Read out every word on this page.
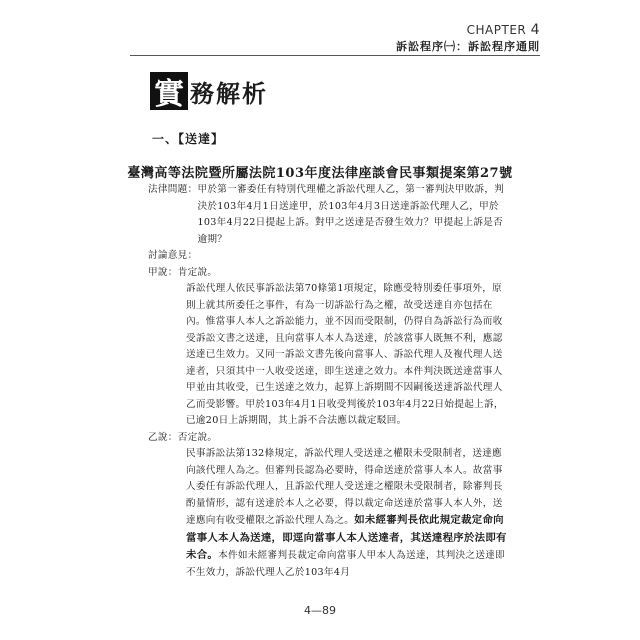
CHAPTER 4
訴訟程序㈠：訴訟程序通則
實 務解析
一、【送達】
臺灣高等法院暨所屬法院103年度法律座談會民事類提案第27號
法律問題： 甲於第一審委任有特別代理權之訴訟代理人乙，第一審判決甲敗訴，判決於103年4月1日送達甲，於103年4月3日送達訴訟代理人乙，甲於103年4月22日提起上訴。對甲之送達是否發生效力？甲提起上訴是否逾期？
討論意見：
甲說：肯定說。
訴訟代理人依民事訴訟法第70條第1項規定，除應受特別委任事項外，原則上就其所委任之事件，有為一切訴訟行為之權，故受送達自亦包括在內。惟當事人本人之訴訟能力，並不因而受限制，仍得自為訴訟行為而收受訴訟文書之送達，且向當事人本人為送達，於該當事人既無不利，應認送達已生效力。又同一訴訟文書先後向當事人、訴訟代理人及複代理人送達者，只須其中一人收受送達，即生送達之效力。本件判決既送達當事人甲並由其收受，已生送達之效力，起算上訴期間不因嗣後送達訴訟代理人乙而受影響。甲於103年4月1日收受判後於103年4月22日始提起上訴，已逾20日上訴期間，其上訴不合法應以裁定駁回。
乙說：否定說。
民事訴訟法第132條規定，訴訟代理人受送達之權限未受限制者，送達應向該代理人為之。但審判長認為必要時，得命送達於當事人本人。故當事人委任有訴訟代理人，且訴訟代理人受送達之權限未受限制者，除審判長酌量情形，認有送達於本人之必要，得以裁定命送達於當事人本人外，送達應向有收受權限之訴訟代理人為之。如未經審判長依此規定裁定命向當事人本人為送達，即逕向當事人本人送達者，其送達程序於法即有未合。本件如未經審判長裁定命向當事人甲本人為送達，其判決之送達即不生效力，訴訟代理人乙於103年4月
4—89
